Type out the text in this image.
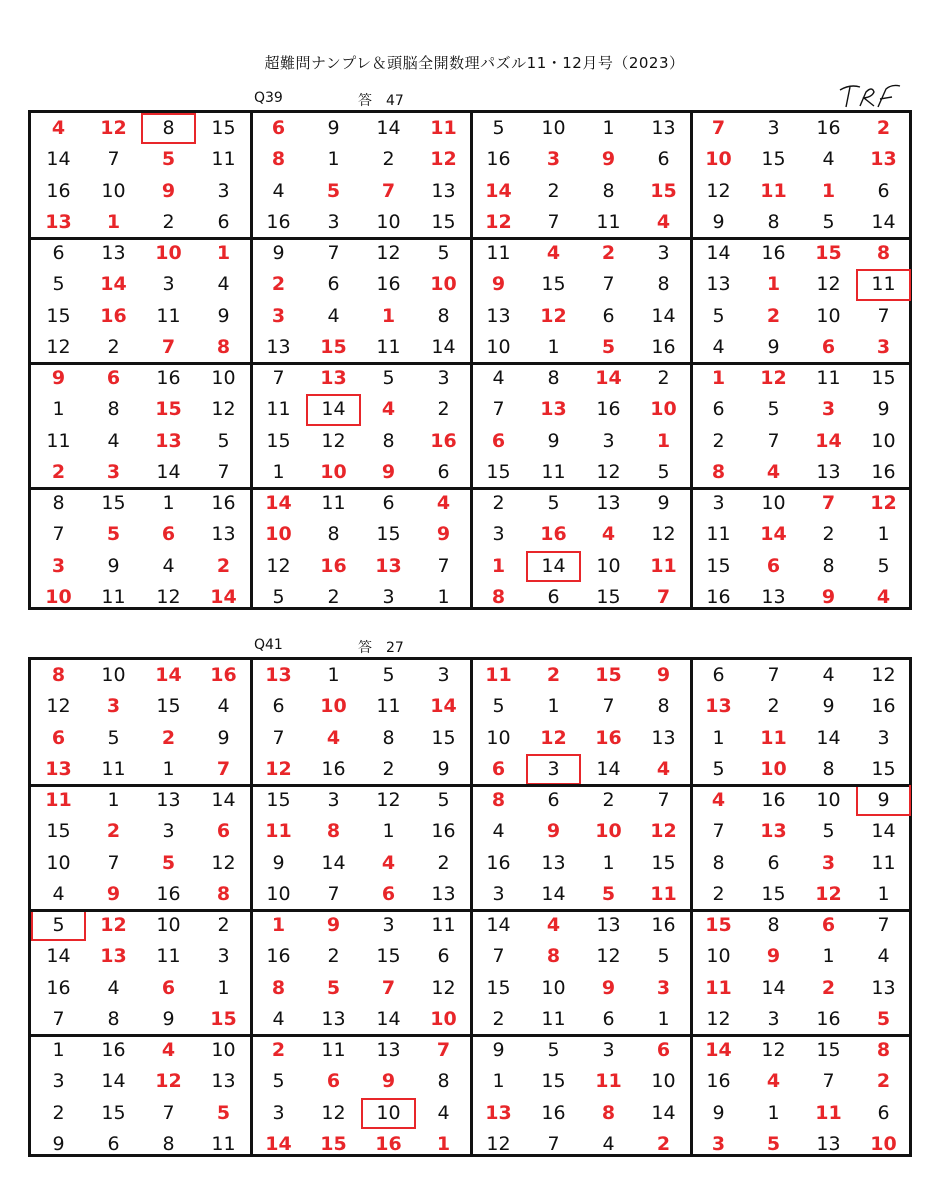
超難問ナンプレ＆頭脳全開数理パズル11・12月号（2023）
Q39	答　47
4	12	8	15	6	9	14	11	5	10	1	13	7	3	16	2
14	7	5	11	8	1	2	12	16	3	9	6	10	15	4	13
16	10	9	3	4	5	7	13	14	2	8	15	12	11	1	6
13	1	2	6	16	3	10	15	12	7	11	4	9	8	5	14
6	13	10	1	9	7	12	5	11	4	2	3	14	16	15	8
5	14	3	4	2	6	16	10	9	15	7	8	13	1	12	11
15	16	11	9	3	4	1	8	13	12	6	14	5	2	10	7
12	2	7	8	13	15	11	14	10	1	5	16	4	9	6	3
9	6	16	10	7	13	5	3	4	8	14	2	1	12	11	15
1	8	15	12	11	14	4	2	7	13	16	10	6	5	3	9
11	4	13	5	15	12	8	16	6	9	3	1	2	7	14	10
2	3	14	7	1	10	9	6	15	11	12	5	8	4	13	16
8	15	1	16	14	11	6	4	2	5	13	9	3	10	7	12
7	5	6	13	10	8	15	9	3	16	4	12	11	14	2	1
3	9	4	2	12	16	13	7	1	14	10	11	15	6	8	5
10	11	12	14	5	2	3	1	8	6	15	7	16	13	9	4
Q41	答　27
8	10	14	16	13	1	5	3	11	2	15	9	6	7	4	12
12	3	15	4	6	10	11	14	5	1	7	8	13	2	9	16
6	5	2	9	7	4	8	15	10	12	16	13	1	11	14	3
13	11	1	7	12	16	2	9	6	3	14	4	5	10	8	15
11	1	13	14	15	3	12	5	8	6	2	7	4	16	10	9
15	2	3	6	11	8	1	16	4	9	10	12	7	13	5	14
10	7	5	12	9	14	4	2	16	13	1	15	8	6	3	11
4	9	16	8	10	7	6	13	3	14	5	11	2	15	12	1
5	12	10	2	1	9	3	11	14	4	13	16	15	8	6	7
14	13	11	3	16	2	15	6	7	8	12	5	10	9	1	4
16	4	6	1	8	5	7	12	15	10	9	3	11	14	2	13
7	8	9	15	4	13	14	10	2	11	6	1	12	3	16	5
1	16	4	10	2	11	13	7	9	5	3	6	14	12	15	8
3	14	12	13	5	6	9	8	1	15	11	10	16	4	7	2
2	15	7	5	3	12	10	4	13	16	8	14	9	1	11	6
9	6	8	11	14	15	16	1	12	7	4	2	3	5	13	10
